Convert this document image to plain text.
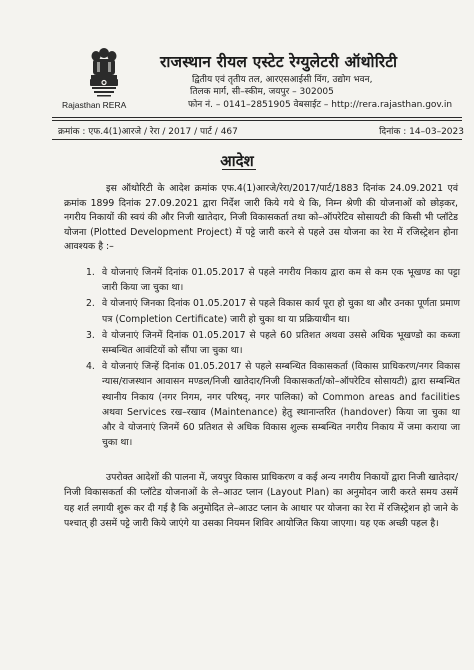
Rajasthan RERA
राजस्थान रीयल एस्टेट रेग्युलेटरी ऑथोरिटी
द्वितीय एवं तृतीय तल, आरएसआईसी विंग, उद्योग भवन,
तिलक मार्ग, सी–स्कीम, जयपुर – 302005
फोन नं. – 0141–2851905 वेबसाईट – http://rera.rajasthan.gov.in
क्रमांक : एफ.4(1)आरजे / रेरा / 2017 / पार्ट / 467	दिनांक : 14–03–2023
आदेश
इस ऑथोरिटी के आदेश क्रमांक एफ.4(1)आरजे/रेरा/2017/पार्ट/1883 दिनांक 24.09.2021 एवं क्रमांक 1899 दिनांक 27.09.2021 द्वारा निर्देश जारी किये गये थे कि, निम्न श्रेणी की योजनाओं को छोड़कर, नगरीय निकायों की स्वयं की और निजी खातेदार, निजी विकासकर्ता तथा को–ऑपरेटिव सोसायटी की किसी भी प्लॉटेड योजना (Plotted Development Project) में पट्टे जारी करने से पहले उस योजना का रेरा में रजिस्ट्रेशन होना आवश्यक है :–
1. वे योजनाएं जिनमें दिनांक 01.05.2017 से पहले नगरीय निकाय द्वारा कम से कम एक भूखण्ड का पट्टा जारी किया जा चुका था।
2. वे योजनाएं जिनका दिनांक 01.05.2017 से पहले विकास कार्य पूरा हो चुका था और उनका पूर्णता प्रमाण पत्र (Completion Certificate) जारी हो चुका था या प्रक्रियाधीन था।
3. वे योजनाएं जिनमें दिनांक 01.05.2017 से पहले 60 प्रतिशत अथवा उससे अधिक भूखण्डो का कब्जा सम्बन्धित आवंटियों को सौंपा जा चुका था।
4. वे योजनाएं जिन्हें दिनांक 01.05.2017 से पहले सम्बन्धित विकासकर्ता (विकास प्राधिकरण/नगर विकास न्यास/राजस्थान आवासन मण्डल/निजी खातेदार/निजी विकासकर्ता/को–ऑपरेटिव सोसायटी) द्वारा सम्बन्धित स्थानीय निकाय (नगर निगम, नगर परिषद्, नगर पालिका) को Common areas and facilities अथवा Services रख–रखाव (Maintenance) हेतु स्थानान्तरित (handover) किया जा चुका था और वे योजनाएं जिनमें 60 प्रतिशत से अधिक विकास शुल्क सम्बन्धित नगरीय निकाय में जमा कराया जा चुका था।
उपरोक्त आदेशों की पालना में, जयपुर विकास प्राधिकरण व कई अन्य नगरीय निकायों द्वारा निजी खातेदार/निजी विकासकर्ता की प्लॉटेड योजनाओं के ले–आउट प्लान (Layout Plan) का अनुमोदन जारी करते समय उसमें यह शर्त लगायी शुरू कर दी गई है कि अनुमोदित ले–आउट प्लान के आधार पर योजना का रेरा में रजिस्ट्रेशन हो जाने के पश्चात् ही उसमें पट्टे जारी किये जाएंगे या उसका नियमन शिविर आयोजित किया जाएगा। यह एक अच्छी पहल है।
